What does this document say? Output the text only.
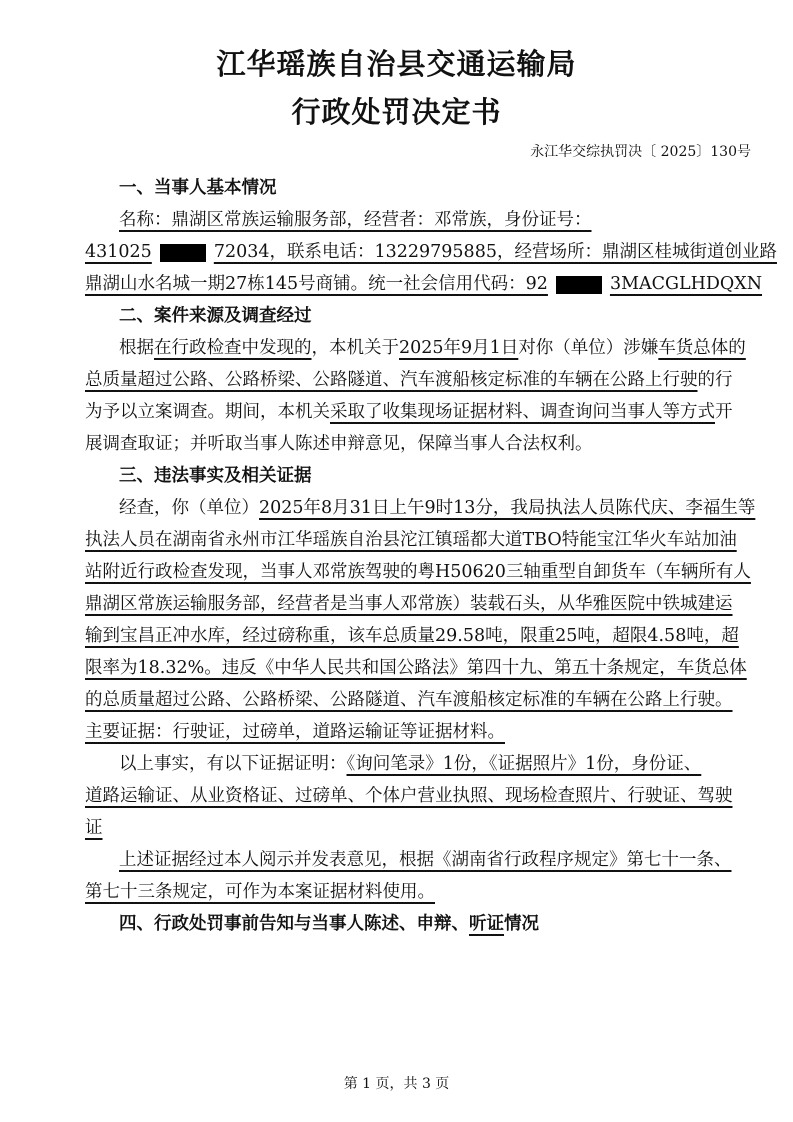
江华瑶族自治县交通运输局
行政处罚决定书
永江华交综执罚决〔 2025〕130号
一、当事人基本情况
名称：鼎湖区常族运输服务部，经营者：邓常族，身份证号：
431025	72034，联系电话：13229795885，经营场所：鼎湖区桂城街道创业路
鼎湖山水名城一期27栋145号商铺。统一社会信用代码：92	3MACGLHDQXN
二、案件来源及调查经过
根据在行政检查中发现的，本机关于2025年9月1日对你（单位）涉嫌车货总体的
总质量超过公路、公路桥梁、公路隧道、汽车渡船核定标准的车辆在公路上行驶的行
为予以立案调查。期间，本机关采取了收集现场证据材料、调查询问当事人等方式开
展调查取证；并听取当事人陈述申辩意见，保障当事人合法权利。
三、违法事实及相关证据
经查，你（单位）2025年8月31日上午9时13分，我局执法人员陈代庆、李福生等
执法人员在湖南省永州市江华瑶族自治县沱江镇瑶都大道TBO特能宝江华火车站加油
站附近行政检查发现，当事人邓常族驾驶的粤H50620三轴重型自卸货车（车辆所有人
鼎湖区常族运输服务部，经营者是当事人邓常族）装载石头，从华雅医院中铁城建运
输到宝昌正冲水库，经过磅称重，该车总质量29.58吨，限重25吨，超限4.58吨，超
限率为18.32%。违反《中华人民共和国公路法》第四十九、第五十条规定，车货总体
的总质量超过公路、公路桥梁、公路隧道、汽车渡船核定标准的车辆在公路上行驶。
主要证据：行驶证，过磅单，道路运输证等证据材料。
以上事实，有以下证据证明：《询问笔录》1份，《证据照片》1份，身份证、
道路运输证、从业资格证、过磅单、个体户营业执照、现场检查照片、行驶证、驾驶
证
上述证据经过本人阅示并发表意见，根据《湖南省行政程序规定》第七十一条、
第七十三条规定，可作为本案证据材料使用。
四、行政处罚事前告知与当事人陈述、申辩、听证情况
第 1 页，共 3 页
